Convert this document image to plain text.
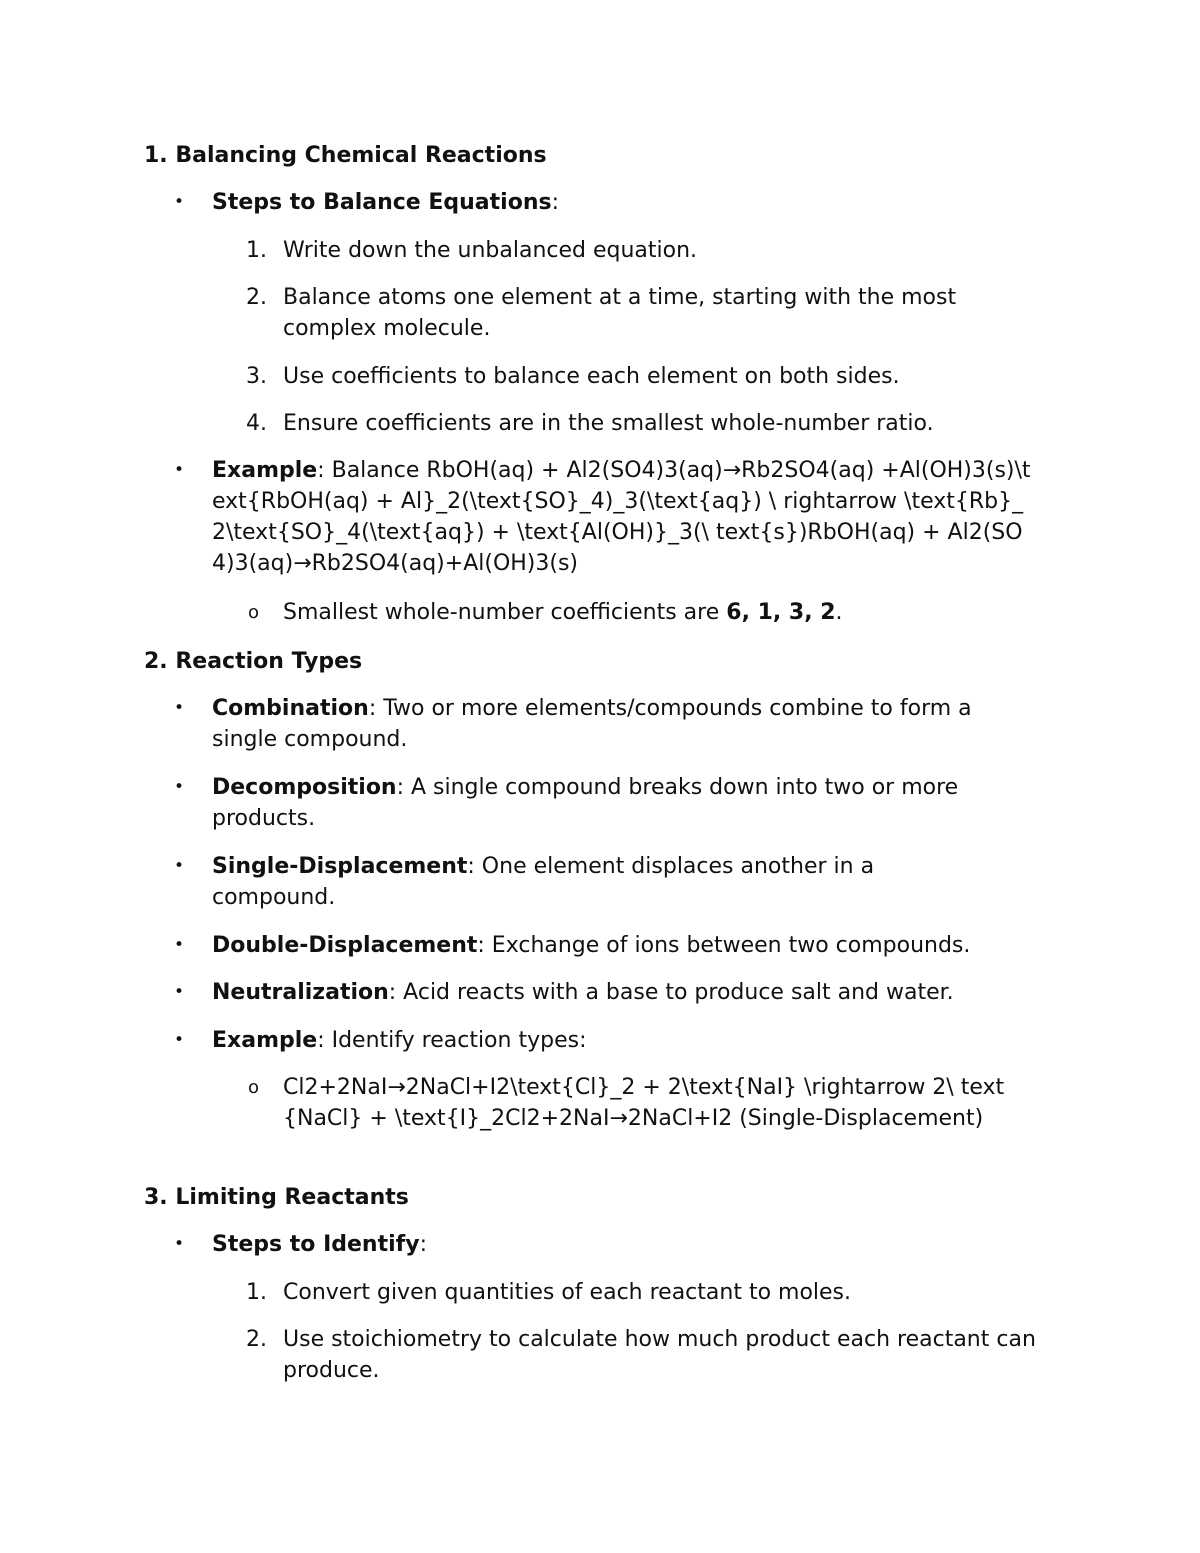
1. Balancing Chemical Reactions
• Steps to Balance Equations:
1. Write down the unbalanced equation.
2. Balance atoms one element at a time, starting with the most complex molecule.
3. Use coefficients to balance each element on both sides.
4. Ensure coefficients are in the smallest whole-number ratio.
• Example: Balance RbOH(aq) + Al2(SO4)3(aq)→Rb2SO4(aq) +Al(OH)3(s)\text{RbOH(aq) + Al}_2(\text{SO}_4)_3(\text{aq}) \ rightarrow \text{Rb}_2\text{SO}_4(\text{aq}) + \text{Al(OH)}_3(\ text{s})RbOH(aq) + Al2(SO4)3(aq)→Rb2SO4(aq)+Al(OH)3(s)
o Smallest whole-number coefficients are 6, 1, 3, 2.
2. Reaction Types
• Combination: Two or more elements/compounds combine to form a single compound.
• Decomposition: A single compound breaks down into two or more products.
• Single-Displacement: One element displaces another in a compound.
• Double-Displacement: Exchange of ions between two compounds.
• Neutralization: Acid reacts with a base to produce salt and water.
• Example: Identify reaction types:
o Cl2+2NaI→2NaCl+I2\text{Cl}_2 + 2\text{NaI} \rightarrow 2\ text{NaCl} + \text{I}_2Cl2+2NaI→2NaCl+I2 (Single-Displacement)
3. Limiting Reactants
• Steps to Identify:
1. Convert given quantities of each reactant to moles.
2. Use stoichiometry to calculate how much product each reactant can produce.
